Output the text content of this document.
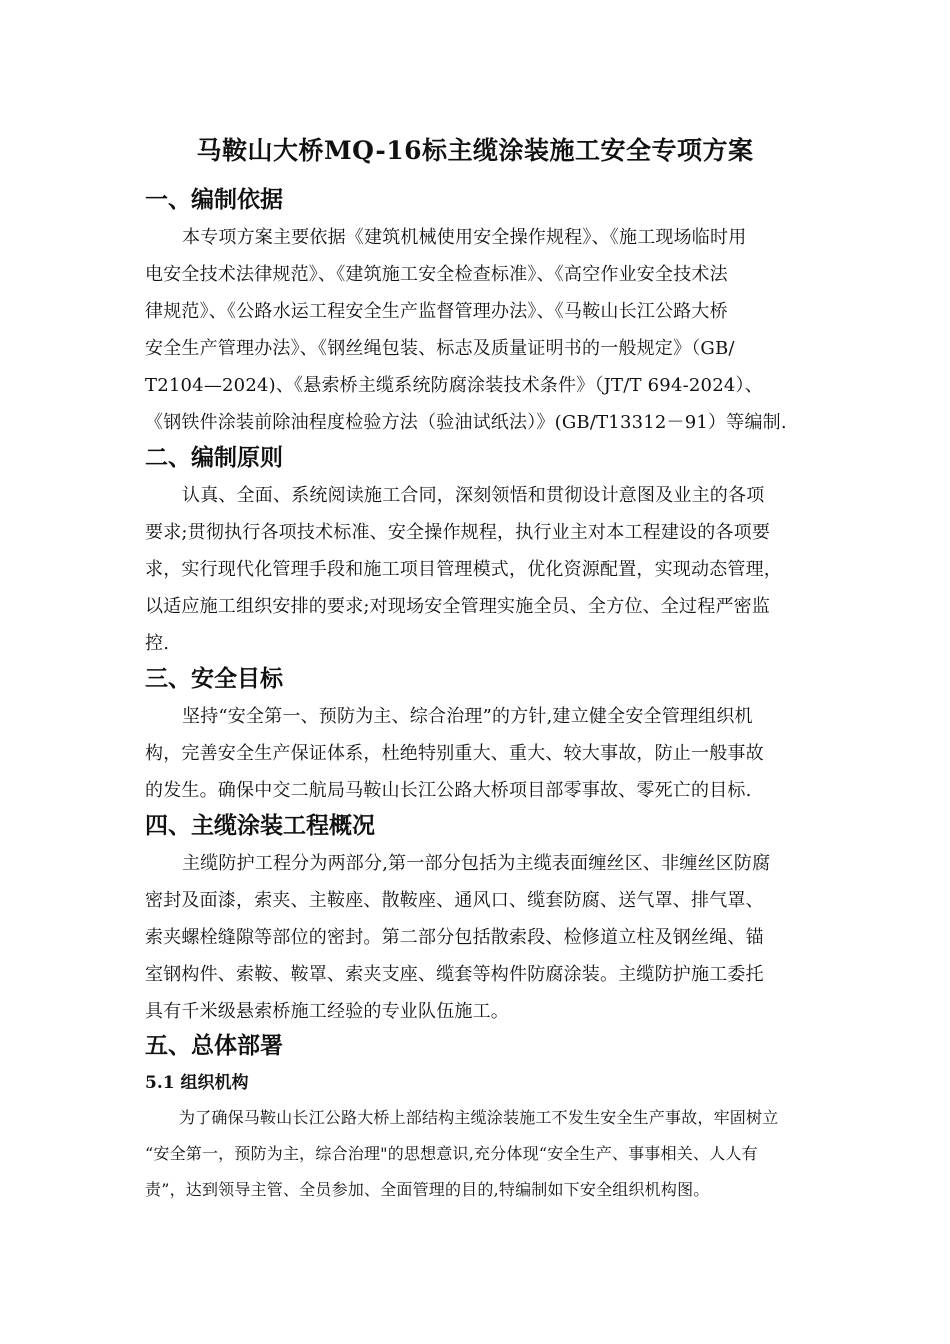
马鞍山大桥MQ-16标主缆涂装施工安全专项方案
一、编制依据
本专项方案主要依据《建筑机械使用安全操作规程》、《施工现场临时用
电安全技术法律规范》、《建筑施工安全检查标准》、《高空作业安全技术法
律规范》、《公路水运工程安全生产监督管理办法》、《马鞍山长江公路大桥
安全生产管理办法》、《钢丝绳包装、标志及质量证明书的一般规定》（GB/
T2104—2024)、《悬索桥主缆系统防腐涂装技术条件》（JT/T 694-2024）、
《钢铁件涂装前除油程度检验方法（验油试纸法）》(GB/T13312－91）等编制.
二、编制原则
认真、全面、系统阅读施工合同，深刻领悟和贯彻设计意图及业主的各项
要求;贯彻执行各项技术标准、安全操作规程，执行业主对本工程建设的各项要
求，实行现代化管理手段和施工项目管理模式，优化资源配置，实现动态管理，
以适应施工组织安排的要求;对现场安全管理实施全员、全方位、全过程严密监
控.
三、安全目标
坚持“安全第一、预防为主、综合治理”的方针,建立健全安全管理组织机
构，完善安全生产保证体系，杜绝特别重大、重大、较大事故，防止一般事故
的发生。确保中交二航局马鞍山长江公路大桥项目部零事故、零死亡的目标.
四、主缆涂装工程概况
主缆防护工程分为两部分,第一部分包括为主缆表面缠丝区、非缠丝区防腐
密封及面漆，索夹、主鞍座、散鞍座、通风口、缆套防腐、送气罩、排气罩、
索夹螺栓缝隙等部位的密封。第二部分包括散索段、检修道立柱及钢丝绳、锚
室钢构件、索鞍、鞍罩、索夹支座、缆套等构件防腐涂装。主缆防护施工委托
具有千米级悬索桥施工经验的专业队伍施工。
五、总体部署
5.1 组织机构
为了确保马鞍山长江公路大桥上部结构主缆涂装施工不发生安全生产事故，牢固树立
“安全第一，预防为主，综合治理"的思想意识,充分体现“安全生产、事事相关、人人有
责”，达到领导主管、全员参加、全面管理的目的,特编制如下安全组织机构图。
